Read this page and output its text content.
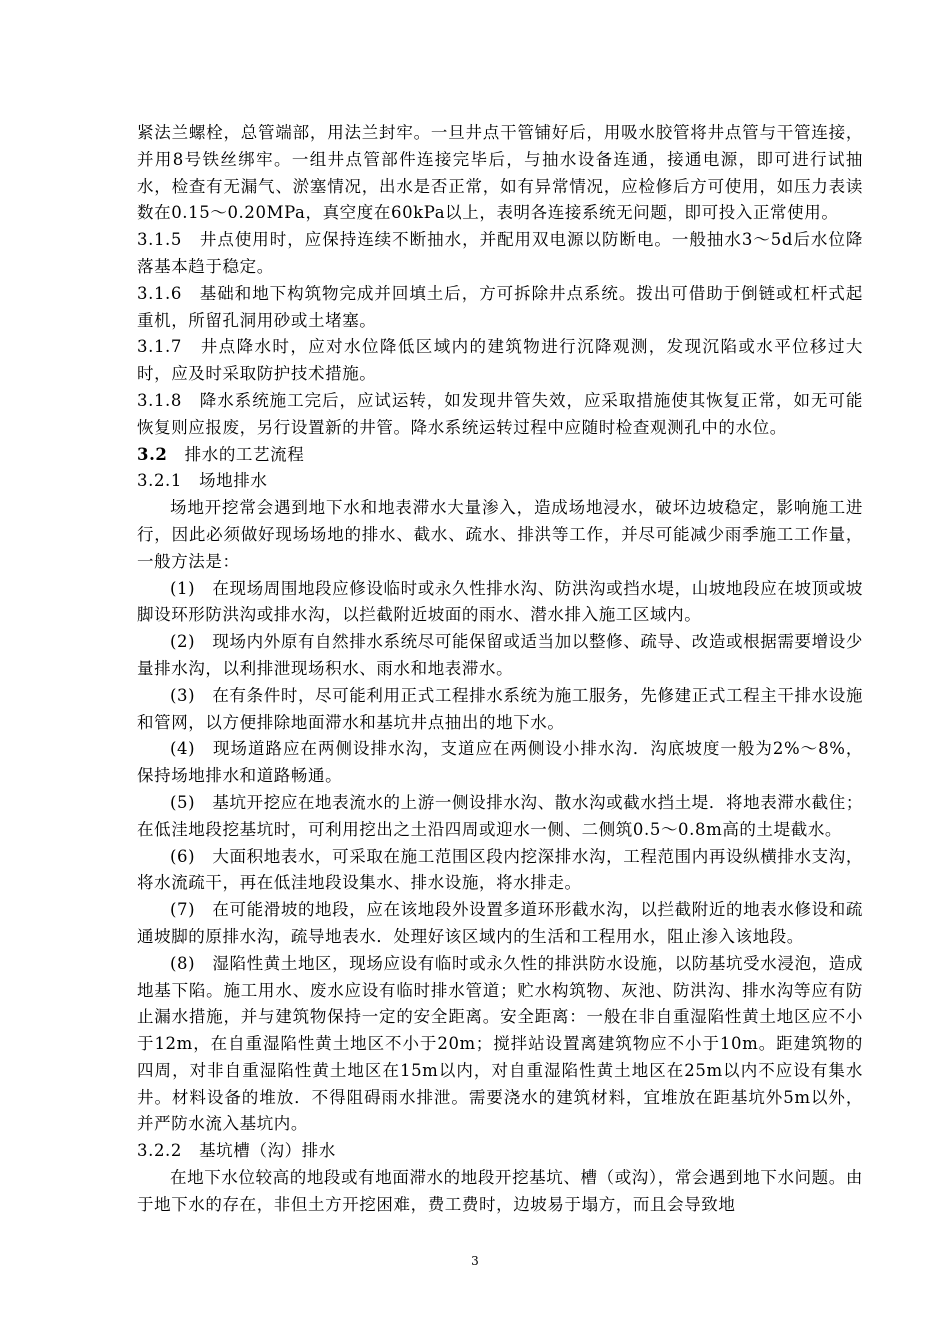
紧法兰螺栓，总管端部，用法兰封牢。一旦井点干管铺好后，用吸水胶管将井点管与干管连接，并用8号铁丝绑牢。一组井点管部件连接完毕后，与抽水设备连通，接通电源，即可进行试抽水，检查有无漏气、淤塞情况，出水是否正常，如有异常情况，应检修后方可使用，如压力表读数在0.15～0.20MPa，真空度在60kPa以上，表明各连接系统无问题，即可投入正常使用。

3.1.5　井点使用时，应保持连续不断抽水，并配用双电源以防断电。一般抽水3～5d后水位降落基本趋于稳定。

3.1.6　基础和地下构筑物完成并回填土后，方可拆除井点系统。拨出可借助于倒链或杠杆式起重机，所留孔洞用砂或土堵塞。

3.1.7　井点降水时，应对水位降低区域内的建筑物进行沉降观测，发现沉陷或水平位移过大时，应及时采取防护技术措施。

3.1.8　降水系统施工完后，应试运转，如发现井管失效，应采取措施使其恢复正常，如无可能恢复则应报废，另行设置新的井管。降水系统运转过程中应随时检查观测孔中的水位。

3.2　排水的工艺流程

3.2.1　场地排水

场地开挖常会遇到地下水和地表滞水大量渗入，造成场地浸水，破坏边坡稳定，影响施工进行，因此必须做好现场场地的排水、截水、疏水、排洪等工作，并尽可能减少雨季施工工作量，一般方法是：

(1)　在现场周围地段应修设临时或永久性排水沟、防洪沟或挡水堤，山坡地段应在坡顶或坡脚设环形防洪沟或排水沟，以拦截附近坡面的雨水、潜水排入施工区域内。

(2)　现场内外原有自然排水系统尽可能保留或适当加以整修、疏导、改造或根据需要增设少量排水沟，以利排泄现场积水、雨水和地表滞水。

(3)　在有条件时，尽可能利用正式工程排水系统为施工服务，先修建正式工程主干排水设施和管网，以方便排除地面滞水和基坑井点抽出的地下水。

(4)　现场道路应在两侧设排水沟，支道应在两侧设小排水沟．沟底坡度一般为2%～8%，保持场地排水和道路畅通。

(5)　基坑开挖应在地表流水的上游一侧设排水沟、散水沟或截水挡土堤．将地表滞水截住；在低洼地段挖基坑时，可利用挖出之土沿四周或迎水一侧、二侧筑0.5～0.8m高的土堤截水。

(6)　大面积地表水，可采取在施工范围区段内挖深排水沟，工程范围内再设纵横排水支沟，将水流疏干，再在低洼地段设集水、排水设施，将水排走。

(7)　在可能滑坡的地段，应在该地段外设置多道环形截水沟，以拦截附近的地表水修设和疏通坡脚的原排水沟，疏导地表水．处理好该区域内的生活和工程用水，阻止渗入该地段。

(8)　湿陷性黄土地区，现场应设有临时或永久性的排洪防水设施，以防基坑受水浸泡，造成地基下陷。施工用水、废水应设有临时排水管道；贮水构筑物、灰池、防洪沟、排水沟等应有防止漏水措施，并与建筑物保持一定的安全距离。安全距离：一般在非自重湿陷性黄土地区应不小于12m，在自重湿陷性黄土地区不小于20m；搅拌站设置离建筑物应不小于10m。距建筑物的四周，对非自重湿陷性黄土地区在15m以内，对自重湿陷性黄土地区在25m以内不应设有集水井。材料设备的堆放．不得阻碍雨水排泄。需要浇水的建筑材料，宜堆放在距基坑外5m以外，并严防水流入基坑内。

3.2.2　基坑槽（沟）排水

在地下水位较高的地段或有地面滞水的地段开挖基坑、槽（或沟），常会遇到地下水问题。由于地下水的存在，非但土方开挖困难，费工费时，边坡易于塌方，而且会导致地

3
